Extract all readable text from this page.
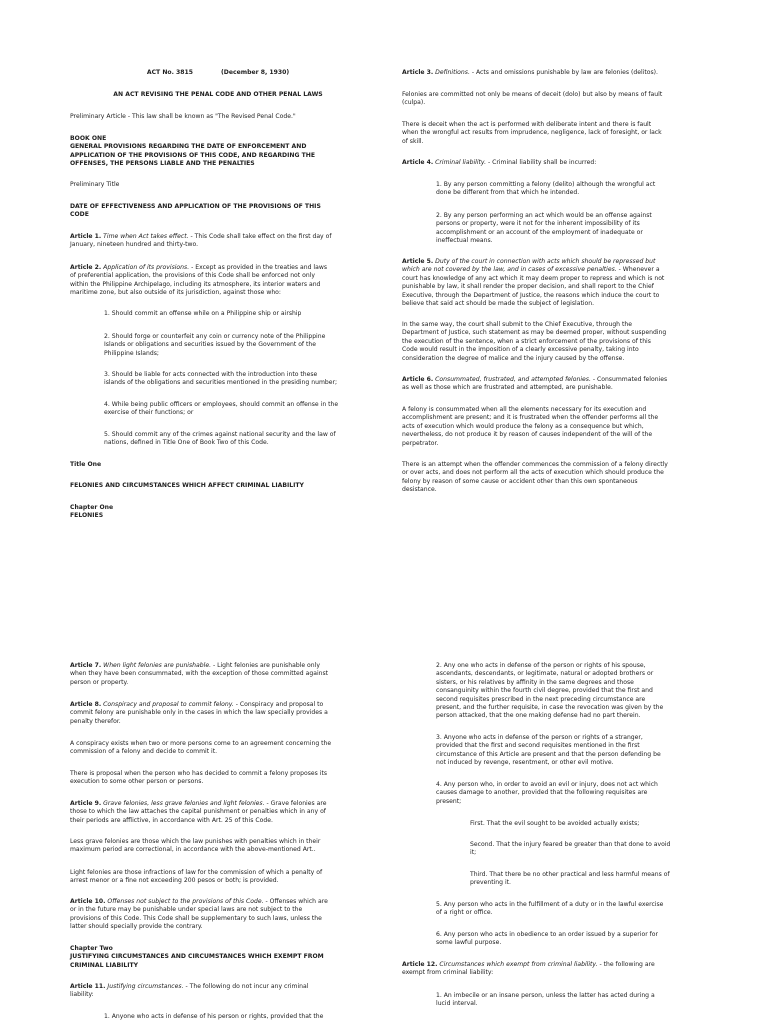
ACT No. 3815	(December 8, 1930)
AN ACT REVISING THE PENAL CODE AND OTHER PENAL LAWS

Preliminary Article - This law shall be known as "The Revised Penal Code."

BOOK ONE
GENERAL PROVISIONS REGARDING THE DATE OF ENFORCEMENT AND
APPLICATION OF THE PROVISIONS OF THIS CODE, AND REGARDING THE
OFFENSES, THE PERSONS LIABLE AND THE PENALTIES

Preliminary Title

DATE OF EFFECTIVENESS AND APPLICATION OF THE PROVISIONS OF THIS
CODE

Article 1. Time when Act takes effect. - This Code shall take effect on the first day of
January, nineteen hundred and thirty-two.

Article 2. Application of its provisions. - Except as provided in the treaties and laws
of preferential application, the provisions of this Code shall be enforced not only
within the Philippine Archipelago, including its atmosphere, its interior waters and
maritime zone, but also outside of its jurisdiction, against those who:

1. Should commit an offense while on a Philippine ship or airship

2. Should forge or counterfeit any coin or currency note of the Philippine
Islands or obligations and securities issued by the Government of the
Philippine Islands;

3. Should be liable for acts connected with the introduction into these
islands of the obligations and securities mentioned in the presiding number;

4. While being public officers or employees, should commit an offense in the
exercise of their functions; or

5. Should commit any of the crimes against national security and the law of
nations, defined in Title One of Book Two of this Code.

Title One

FELONIES AND CIRCUMSTANCES WHICH AFFECT CRIMINAL LIABILITY

Chapter One
FELONIES

Article 3. Definitions. - Acts and omissions punishable by law are felonies (delitos).

Felonies are committed not only be means of deceit (dolo) but also by means of fault
(culpa).

There is deceit when the act is performed with deliberate intent and there is fault
when the wrongful act results from imprudence, negligence, lack of foresight, or lack
of skill.

Article 4. Criminal liability. - Criminal liability shall be incurred:

1. By any person committing a felony (delito) although the wrongful act
done be different from that which he intended.

2. By any person performing an act which would be an offense against
persons or property, were it not for the inherent impossibility of its
accomplishment or an account of the employment of inadequate or
ineffectual means.

Article 5. Duty of the court in connection with acts which should be repressed but
which are not covered by the law, and in cases of excessive penalties. - Whenever a
court has knowledge of any act which it may deem proper to repress and which is not
punishable by law, it shall render the proper decision, and shall report to the Chief
Executive, through the Department of Justice, the reasons which induce the court to
believe that said act should be made the subject of legislation.

In the same way, the court shall submit to the Chief Executive, through the
Department of Justice, such statement as may be deemed proper, without suspending
the execution of the sentence, when a strict enforcement of the provisions of this
Code would result in the imposition of a clearly excessive penalty, taking into
consideration the degree of malice and the injury caused by the offense.

Article 6. Consummated, frustrated, and attempted felonies. - Consummated felonies
as well as those which are frustrated and attempted, are punishable.

A felony is consummated when all the elements necessary for its execution and
accomplishment are present; and it is frustrated when the offender performs all the
acts of execution which would produce the felony as a consequence but which,
nevertheless, do not produce it by reason of causes independent of the will of the
perpetrator.

There is an attempt when the offender commences the commission of a felony directly
or over acts, and does not perform all the acts of execution which should produce the
felony by reason of some cause or accident other than this own spontaneous
desistance.

Article 7. When light felonies are punishable. - Light felonies are punishable only
when they have been consummated, with the exception of those committed against
person or property.

Article 8. Conspiracy and proposal to commit felony. - Conspiracy and proposal to
commit felony are punishable only in the cases in which the law specially provides a
penalty therefor.

A conspiracy exists when two or more persons come to an agreement concerning the
commission of a felony and decide to commit it.

There is proposal when the person who has decided to commit a felony proposes its
execution to some other person or persons.

Article 9. Grave felonies, less grave felonies and light felonies. - Grave felonies are
those to which the law attaches the capital punishment or penalties which in any of
their periods are afflictive, in accordance with Art. 25 of this Code.

Less grave felonies are those which the law punishes with penalties which in their
maximum period are correctional, in accordance with the above-mentioned Art..

Light felonies are those infractions of law for the commission of which a penalty of
arrest menor or a fine not exceeding 200 pesos or both; is provided.

Article 10. Offenses not subject to the provisions of this Code. - Offenses which are
or in the future may be punishable under special laws are not subject to the
provisions of this Code. This Code shall be supplementary to such laws, unless the
latter should specially provide the contrary.

Chapter Two
JUSTIFYING CIRCUMSTANCES AND CIRCUMSTANCES WHICH EXEMPT FROM
CRIMINAL LIABILITY

Article 11. Justifying circumstances. - The following do not incur any criminal
liability:

1. Anyone who acts in defense of his person or rights, provided that the

2. Any one who acts in defense of the person or rights of his spouse,
ascendants, descendants, or legitimate, natural or adopted brothers or
sisters, or his relatives by affinity in the same degrees and those
consanguinity within the fourth civil degree, provided that the first and
second requisites prescribed in the next preceding circumstance are
present, and the further requisite, in case the revocation was given by the
person attacked, that the one making defense had no part therein.

3. Anyone who acts in defense of the person or rights of a stranger,
provided that the first and second requisites mentioned in the first
circumstance of this Article are present and that the person defending be
not induced by revenge, resentment, or other evil motive.

4. Any person who, in order to avoid an evil or injury, does not act which
causes damage to another, provided that the following requisites are
present;

First. That the evil sought to be avoided actually exists;

Second. That the injury feared be greater than that done to avoid
it;

Third. That there be no other practical and less harmful means of
preventing it.

5. Any person who acts in the fulfillment of a duty or in the lawful exercise
of a right or office.

6. Any person who acts in obedience to an order issued by a superior for
some lawful purpose.

Article 12. Circumstances which exempt from criminal liability. - the following are
exempt from criminal liability:

1. An imbecile or an insane person, unless the latter has acted during a
lucid interval.
